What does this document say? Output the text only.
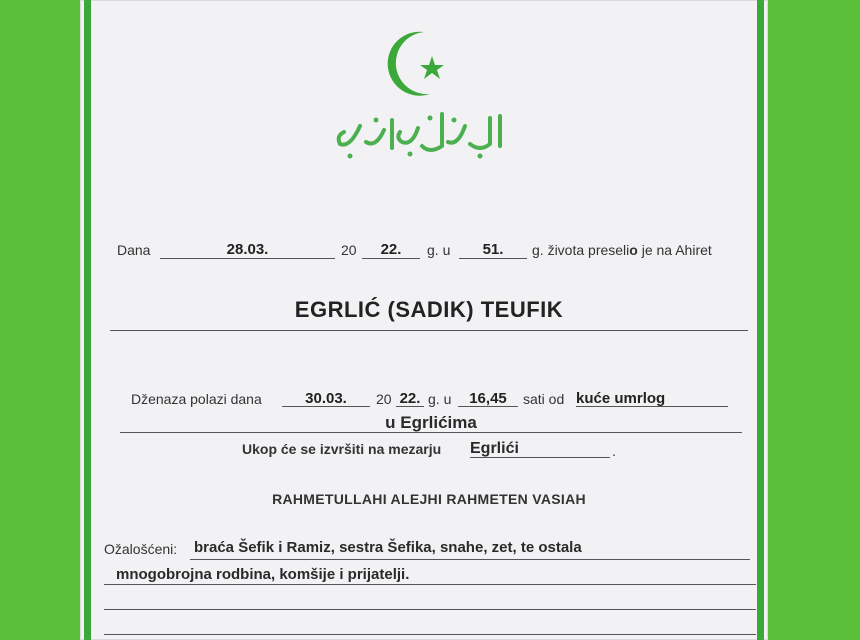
Dana	28.03.	20	22.	g. u	51.	g. života preselio je na Ahiret
EGRLIĆ (SADIK) TEUFIK
Dženaza polazi dana	30.03.	20 22. g. u	16,45	sati od kuće umrlog
u Egrlićima
Ukop će se izvršiti na mezarju Egrlići	.
RAHMETULLAHI ALEJHI RAHMETEN VASIAH
Ožalošćeni: braća Šefik i Ramiz, sestra Šefika, snahe, zet, te ostala
mnogobrojna rodbina, komšije i prijatelji.
